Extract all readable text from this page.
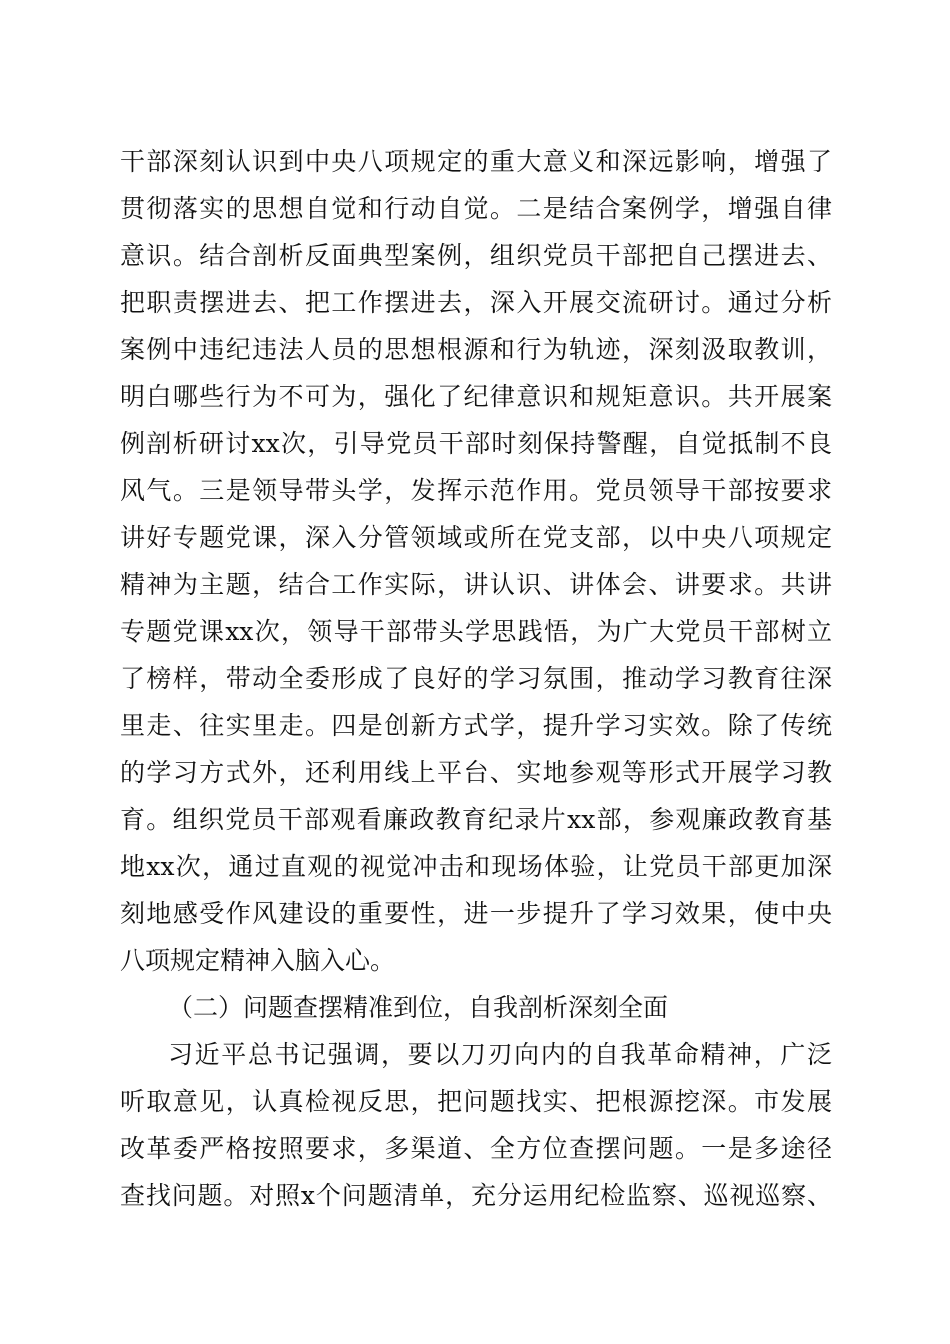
干部深刻认识到中央八项规定的重大意义和深远影响，增强了
贯彻落实的思想自觉和行动自觉。二是结合案例学，增强自律
意识。结合剖析反面典型案例，组织党员干部把自己摆进去、
把职责摆进去、把工作摆进去，深入开展交流研讨。通过分析
案例中违纪违法人员的思想根源和行为轨迹，深刻汲取教训，
明白哪些行为不可为，强化了纪律意识和规矩意识。共开展案
例剖析研讨xx次，引导党员干部时刻保持警醒，自觉抵制不良
风气。三是领导带头学，发挥示范作用。党员领导干部按要求
讲好专题党课，深入分管领域或所在党支部，以中央八项规定
精神为主题，结合工作实际，讲认识、讲体会、讲要求。共讲
专题党课xx次，领导干部带头学思践悟，为广大党员干部树立
了榜样，带动全委形成了良好的学习氛围，推动学习教育往深
里走、往实里走。四是创新方式学，提升学习实效。除了传统
的学习方式外，还利用线上平台、实地参观等形式开展学习教
育。组织党员干部观看廉政教育纪录片xx部，参观廉政教育基
地xx次，通过直观的视觉冲击和现场体验，让党员干部更加深
刻地感受作风建设的重要性，进一步提升了学习效果，使中央
八项规定精神入脑入心。
（二）问题查摆精准到位，自我剖析深刻全面
习近平总书记强调，要以刀刃向内的自我革命精神，广泛
听取意见，认真检视反思，把问题找实、把根源挖深。市发展
改革委严格按照要求，多渠道、全方位查摆问题。一是多途径
查找问题。对照x个问题清单，充分运用纪检监察、巡视巡察、
